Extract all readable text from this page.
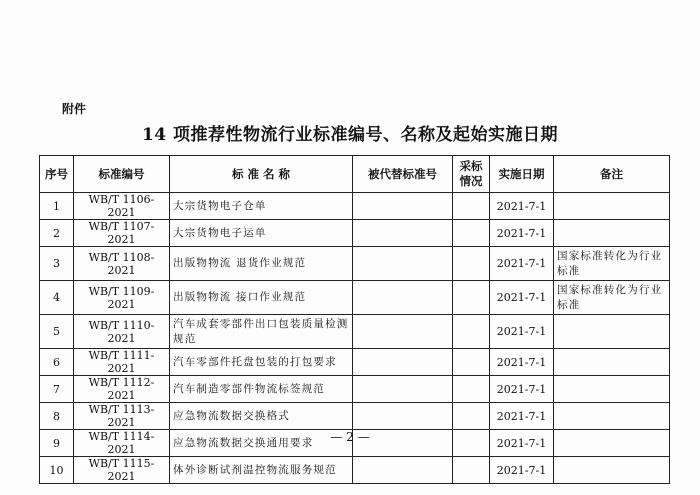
附件
14 项推荐性物流行业标准编号、名称及起始实施日期
序号	标准编号	标 准 名 称	被代替标准号	采标情况	实施日期	备注
1	WB/T 1106-2021	大宗货物电子仓单			2021-7-1	
2	WB/T 1107-2021	大宗货物电子运单			2021-7-1	
3	WB/T 1108-2021	出版物物流 退货作业规范			2021-7-1	国家标准转化为行业标准
4	WB/T 1109-2021	出版物物流 接口作业规范			2021-7-1	国家标准转化为行业标准
5	WB/T 1110-2021	汽车成套零部件出口包装质量检测规范			2021-7-1	
6	WB/T 1111-2021	汽车零部件托盘包装的打包要求			2021-7-1	
7	WB/T 1112-2021	汽车制造零部件物流标签规范			2021-7-1	
8	WB/T 1113-2021	应急物流数据交换格式			2021-7-1	
9	WB/T 1114-2021	应急物流数据交换通用要求			2021-7-1	
10	WB/T 1115-2021	体外诊断试剂温控物流服务规范			2021-7-1	
— 2 —
